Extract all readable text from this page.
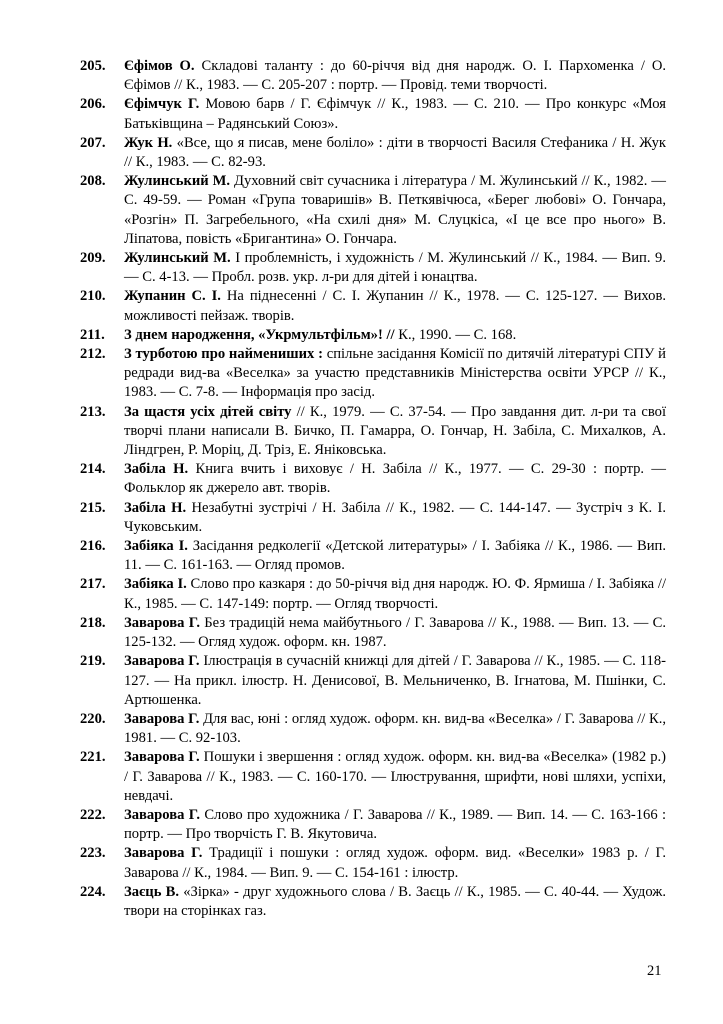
205.	Єфімов О. Складові таланту : до 60-річчя від дня народж. О. І. Пархоменка / О. Єфімов // К., 1983. — С. 205-207 : портр. — Провід. теми творчості.
206.	Єфімчук Г. Мовою барв / Г. Єфімчук // К., 1983. — С. 210. — Про конкурс «Моя Батьківщина – Радянський Союз».
207.	Жук Н. «Все, що я писав, мене боліло» : діти в творчості Василя Стефаника / Н. Жук // К., 1983. — С. 82-93.
208.	Жулинський М. Духовний світ сучасника і література / М. Жулинський // К., 1982. — С. 49-59. — Роман «Група товаришів» В. Петкявічюса, «Берег любові» О. Гончара, «Розгін» П. Загребельного, «На схилі дня» М. Слуцкіса, «І це все про нього» В. Ліпатова, повість «Бригантина» О. Гончара.
209.	Жулинський М. І проблемність, і художність / М. Жулинський // К., 1984. — Вип. 9. — С. 4-13. — Пробл. розв. укр. л-ри для дітей і юнацтва.
210.	Жупанин С. І. На піднесенні / С. І. Жупанин // К., 1978. — С. 125-127. — Вихов. можливості пейзаж. творів.
211.	З днем народження, «Укрмультфільм»! // К., 1990. — С. 168.
212.	З турботою про наймениших : спільне засідання Комісії по дитячій літературі СПУ й редради вид-ва «Веселка» за участю представників Міністерства освіти УРСР // К., 1983. — С. 7-8. — Інформація про засід.
213.	За щастя усіх дітей світу // К., 1979. — С. 37-54. — Про завдання дит. л-ри та свої творчі плани написали В. Бичко, П. Гамарра, О. Гончар, Н. Забіла, С. Михалков, А. Ліндгрен, Р. Моріц, Д. Тріз, Е. Яніковська.
214.	Забіла Н. Книга вчить і виховує / Н. Забіла // К., 1977. — С. 29-30 : портр. — Фольклор як джерело авт. творів.
215.	Забіла Н. Незабутні зустрічі / Н. Забіла // К., 1982. — С. 144-147. — Зустріч з К. І. Чуковським.
216.	Забіяка І. Засідання редколегії «Детской литературы» / І. Забіяка // К., 1986. — Вип. 11. — С. 161-163. — Огляд промов.
217.	Забіяка І. Слово про казкаря : до 50-річчя від дня народж. Ю. Ф. Ярмиша / І. Забіяка // К., 1985. — С. 147-149: портр. — Огляд творчості.
218.	Заварова Г. Без традицій нема майбутнього / Г. Заварова // К., 1988. — Вип. 13. — С. 125-132. — Огляд худож. оформ. кн. 1987.
219.	Заварова Г. Ілюстрація в сучасній книжці для дітей / Г. Заварова // К., 1985. — С. 118-127. — На прикл. ілюстр. Н. Денисової, В. Мельниченко, В. Ігнатова, М. Пшінки, С. Артюшенка.
220.	Заварова Г. Для вас, юні : огляд худож. оформ. кн. вид-ва «Веселка» / Г. Заварова // К., 1981. — С. 92-103.
221.	Заварова Г. Пошуки і звершення : огляд худож. оформ. кн. вид-ва «Веселка» (1982 р.) / Г. Заварова // К., 1983. — С. 160-170. — Ілюстрування, шрифти, нові шляхи, успіхи, невдачі.
222.	Заварова Г. Слово про художника / Г. Заварова // К., 1989. — Вип. 14. — С. 163-166 : портр. — Про творчість Г. В. Якутовича.
223.	Заварова Г. Традиції і пошуки : огляд худож. оформ. вид. «Веселки» 1983 р. / Г. Заварова // К., 1984. — Вип. 9. — С. 154-161 : ілюстр.
224.	Заєць В. «Зірка» - друг художнього слова / В. Заєць // К., 1985. — С. 40-44. — Худож. твори на сторінках газ.
21
